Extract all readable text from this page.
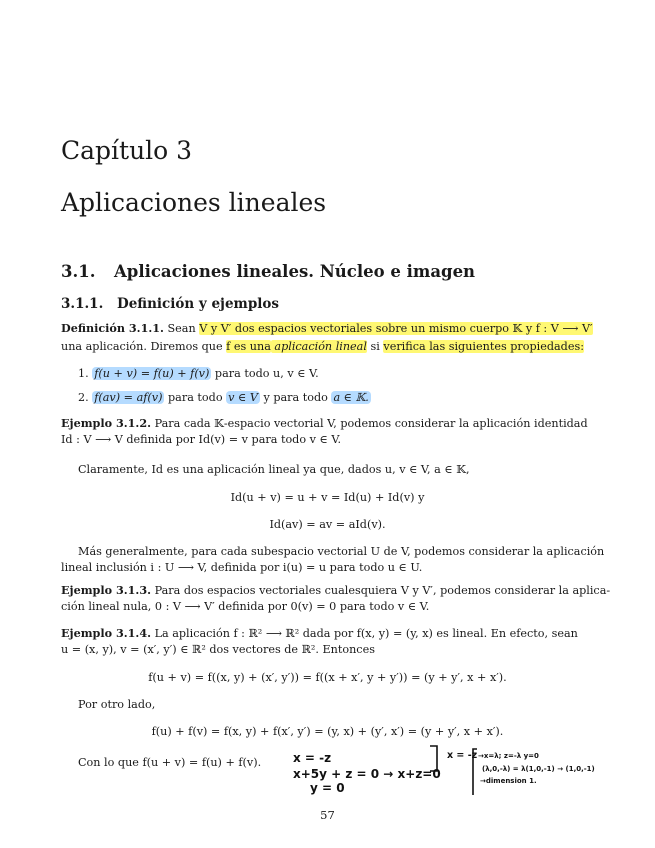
Capítulo 3
Aplicaciones lineales
3.1. Aplicaciones lineales. Núcleo e imagen
3.1.1. Definición y ejemplos
Definición 3.1.1. Sean V y V′ dos espacios vectoriales sobre un mismo cuerpo 𝕂 y f : V ⟶ V′
una aplicación. Diremos que f es una aplicación lineal si verifica las siguientes propiedades:
1. f(u + v) = f(u) + f(v) para todo u, v ∈ V.
2. f(av) = af(v) para todo v ∈ V y para todo a ∈ 𝕂.
Ejemplo 3.1.2. Para cada 𝕂-espacio vectorial V, podemos considerar la aplicación identidad
Id : V ⟶ V definida por Id(v) = v para todo v ∈ V.
Claramente, Id es una aplicación lineal ya que, dados u, v ∈ V, a ∈ 𝕂,
Id(u + v) = u + v = Id(u) + Id(v) y
Id(av) = av = aId(v).
Más generalmente, para cada subespacio vectorial U de V, podemos considerar la aplicación
lineal inclusión i : U ⟶ V, definida por i(u) = u para todo u ∈ U.
Ejemplo 3.1.3. Para dos espacios vectoriales cualesquiera V y V′, podemos considerar la aplica-
ción lineal nula, 0 : V ⟶ V′ definida por 0(v) = 0 para todo v ∈ V.
Ejemplo 3.1.4. La aplicación f : ℝ² ⟶ ℝ² dada por f(x, y) = (y, x) es lineal. En efecto, sean
u = (x, y), v = (x′, y′) ∈ ℝ² dos vectores de ℝ². Entonces
f(u + v) = f((x, y) + (x′, y′)) = f((x + x′, y + y′)) = (y + y′, x + x′).
Por otro lado,
f(u) + f(v) = f(x, y) + f(x′, y′) = (y, x) + (y′, x′) = (y + y′, x + x′).
Con lo que f(u + v) = f(u) + f(v).	x = -z
x+5y + z = 0 → x+z=0
y = 0
x = -z →x=λ; z=-λ y=0
(λ,0,-λ) = λ(1,0,-1) → (1,0,-1)
→dimension 1.
57
